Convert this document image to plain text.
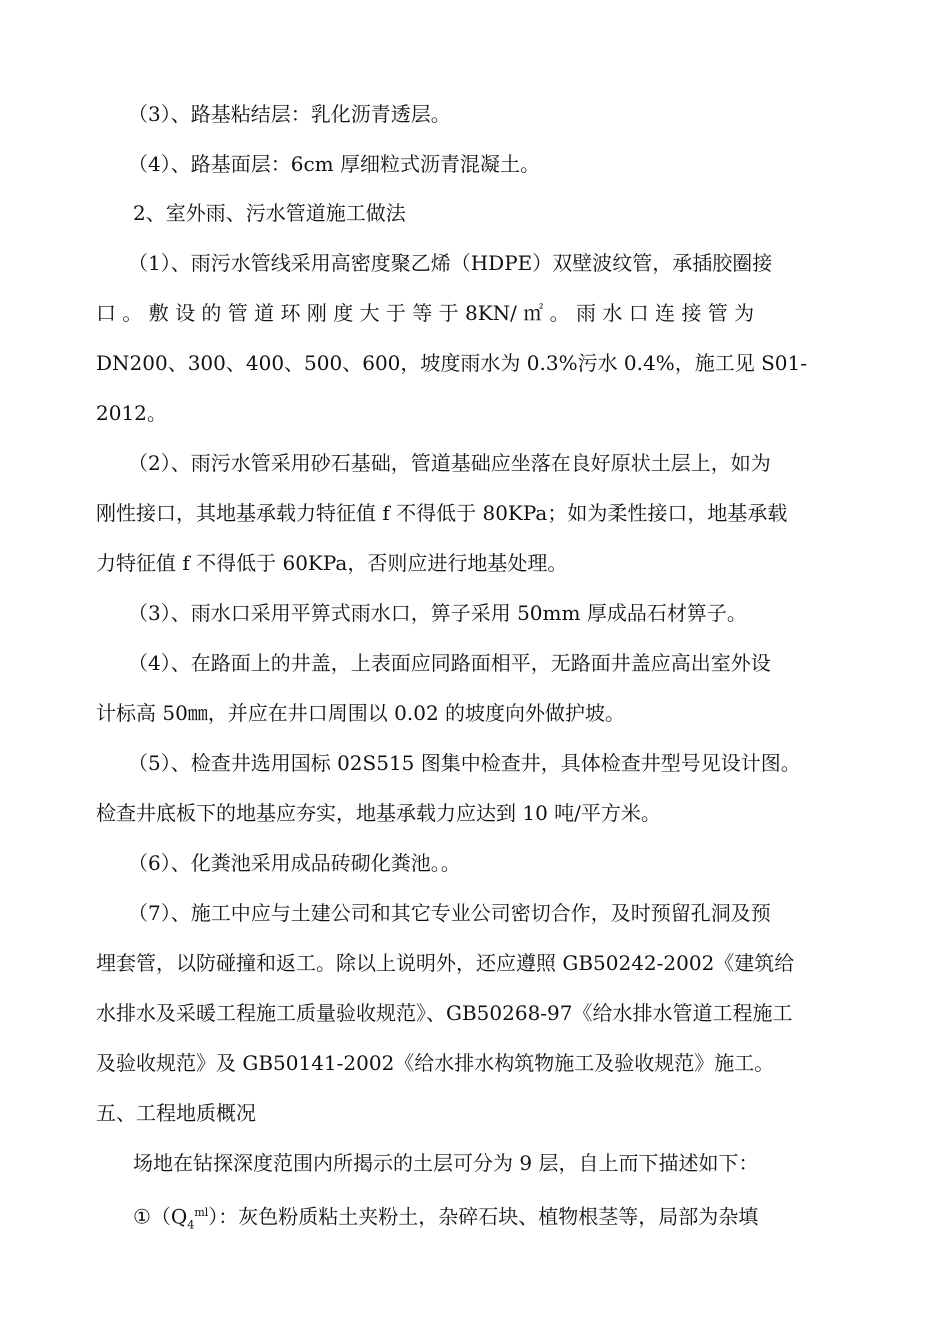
（3）、路基粘结层：乳化沥青透层。
（4）、路基面层：6cm 厚细粒式沥青混凝土。
2、室外雨、污水管道施工做法
（1）、雨污水管线采用高密度聚乙烯（HDPE）双壁波纹管，承插胶圈接
口 。 敷 设 的 管 道 环 刚 度 大 于 等 于 8KN/ ㎡ 。 雨 水 口 连 接 管 为
DN200、300、400、500、600，坡度雨水为 0.3%污水 0.4%，施工见 S01-
2012。
（2）、雨污水管采用砂石基础，管道基础应坐落在良好原状土层上，如为
刚性接口，其地基承载力特征值 f 不得低于 80KPa；如为柔性接口，地基承载
力特征值 f 不得低于 60KPa，否则应进行地基处理。
（3）、雨水口采用平箅式雨水口，箅子采用 50mm 厚成品石材箅子。
（4）、在路面上的井盖，上表面应同路面相平，无路面井盖应高出室外设
计标高 50㎜，并应在井口周围以 0.02 的坡度向外做护坡。
（5）、检查井选用国标 02S515 图集中检查井，具体检查井型号见设计图。
检查井底板下的地基应夯实，地基承载力应达到 10 吨/平方米。
（6）、化粪池采用成品砖砌化粪池。。
（7）、施工中应与土建公司和其它专业公司密切合作，及时预留孔洞及预
埋套管，以防碰撞和返工。除以上说明外，还应遵照 GB50242-2002《建筑给
水排水及采暖工程施工质量验收规范》、GB50268-97《给水排水管道工程施工
及验收规范》及 GB50141-2002《给水排水构筑物施工及验收规范》施工。
五、工程地质概况
场地在钻探深度范围内所揭示的土层可分为 9 层，自上而下描述如下：
$①(Q_4^{ml})$：灰色粉质粘土夹粉土，杂碎石块、植物根茎等，局部为杂填
